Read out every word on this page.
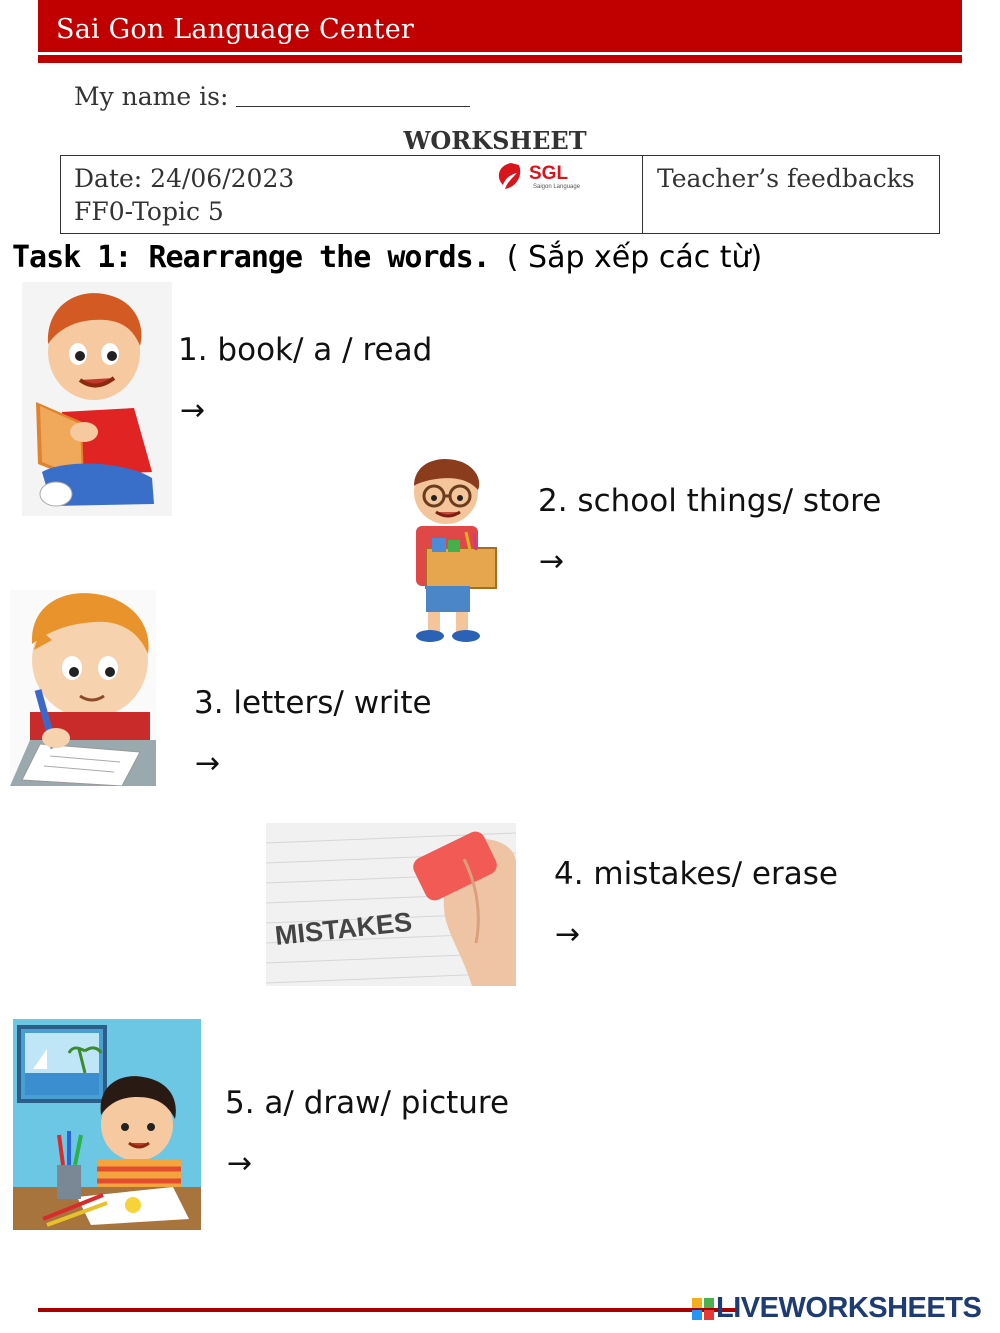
Sai Gon Language Center
My name is:
WORKSHEET
Date: 24/06/2023
FF0-Topic 5
Teacher’s feedbacks
SGL
Saigon Language
Task 1: Rearrange the words. ( Sắp xếp các từ)
1. book/ a / read
→
2. school things/ store
→
3. letters/ write
→
MISTAKES
4. mistakes/ erase
→
5. a/ draw/ picture
→
LIVEWORKSHEETS
